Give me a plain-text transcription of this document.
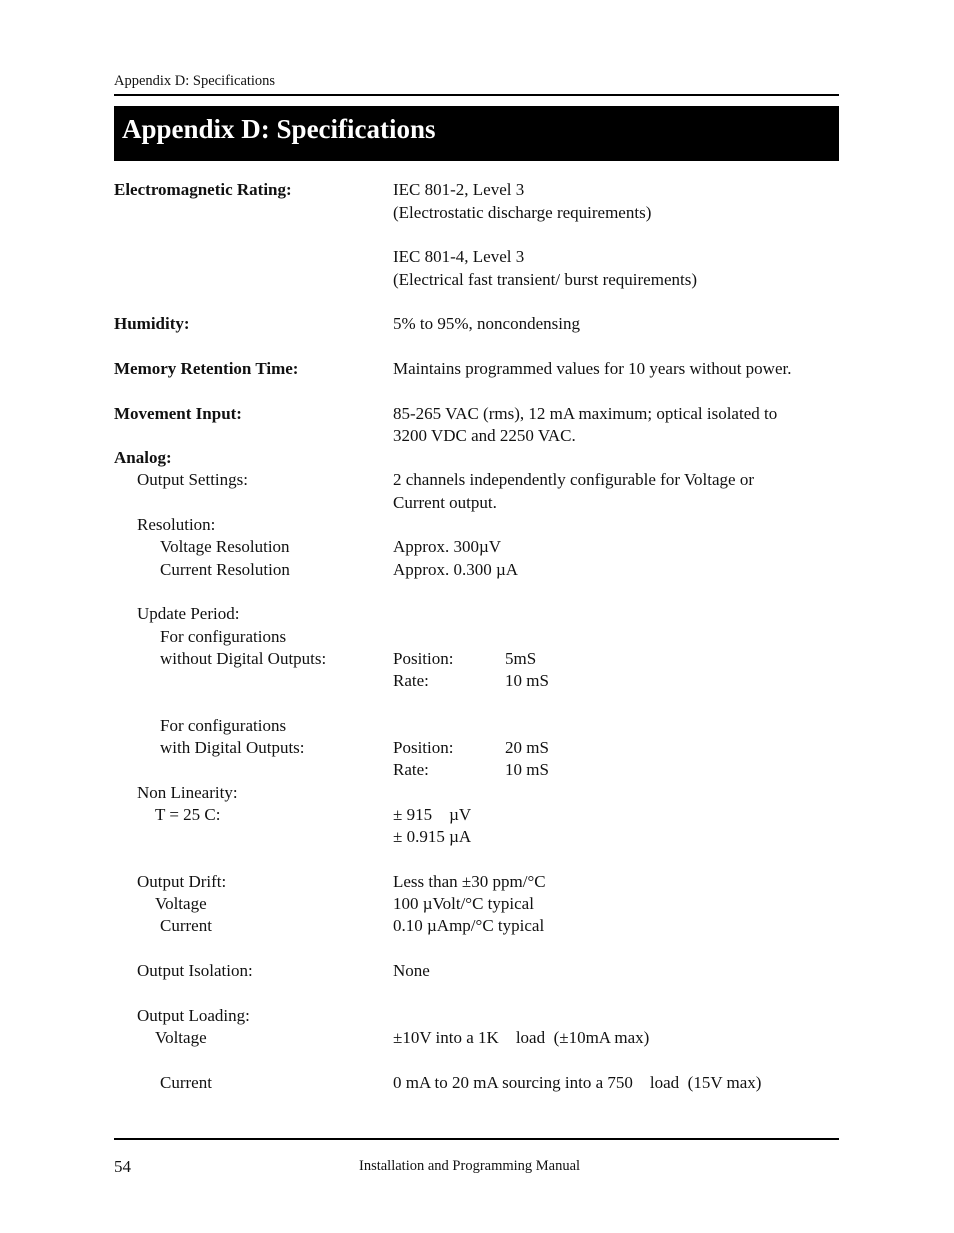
Appendix D: Specifications
Appendix D: Specifications
Electromagnetic Rating:	IEC 801-2, Level 3
(Electrostatic discharge requirements)
IEC 801-4, Level 3
(Electrical fast transient/ burst requirements)
Humidity:	5% to 95%, noncondensing
Memory Retention Time:	Maintains programmed values for 10 years without power.
Movement Input:	85-265 VAC (rms), 12 mA maximum; optical isolated to
3200 VDC and 2250 VAC.
Analog:
Output Settings:	2 channels independently configurable for Voltage or
Current output.
Resolution:
Voltage Resolution	Approx. 300µV
Current Resolution	Approx. 0.300 µA
Update Period:
For configurations
without Digital Outputs:	Position:	5mS
Rate:	10 mS
For configurations
with Digital Outputs:	Position:	20 mS
Rate:	10 mS
Non Linearity:
T = 25 C:	± 915    µV
± 0.915 µA
Output Drift:	Less than ±30 ppm/°C
Voltage	100 µVolt/°C typical
Current	0.10 µAmp/°C typical
Output Isolation:	None
Output Loading:
Voltage	±10V into a 1K    load  (±10mA max)
Current	0 mA to 20 mA sourcing into a 750    load  (15V max)
54	Installation and Programming Manual
